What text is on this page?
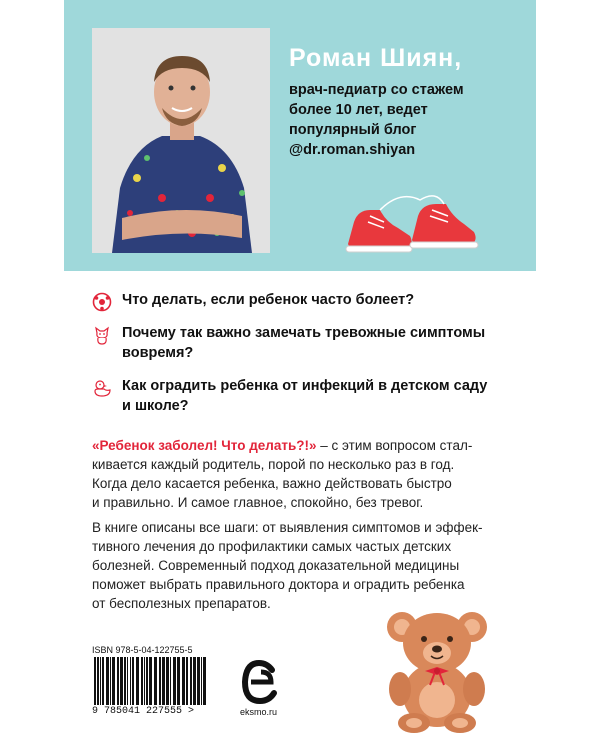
Роман Шиян,
врач-педиатр со стажем
более 10 лет, ведет
популярный блог
@dr.roman.shiyan
Что делать, если ребенок часто болеет?
Почему так важно замечать тревожные симптомы
вовремя?
Как оградить ребенка от инфекций в детском саду
и школе?
«Ребенок заболел! Что делать?!» – с этим вопросом стал-
кивается каждый родитель, порой по несколько раз в год.
Когда дело касается ребенка, важно действовать быстро
и правильно. И самое главное, спокойно, без тревог.
В книге описаны все шаги: от выявления симптомов и эффек-
тивного лечения до профилактики самых частых детских
болезней. Современный подход доказательной медицины
поможет выбрать правильного доктора и оградить ребенка
от бесполезных препаратов.
ISBN 978-5-04-122755-5
9 785041 227555 >	eksmo.ru
